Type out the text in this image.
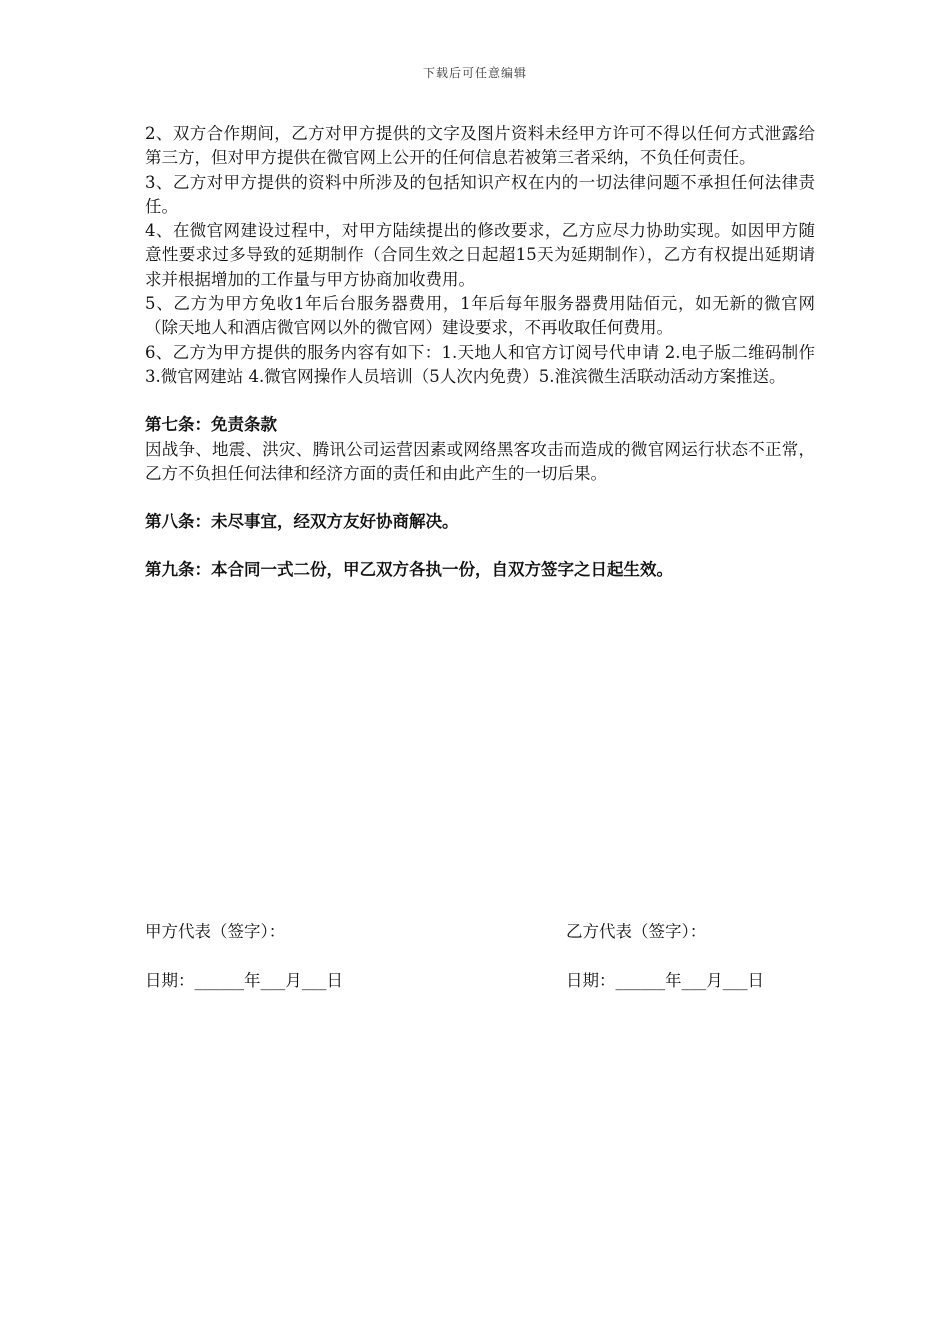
下载后可任意编辑

2、双方合作期间，乙方对甲方提供的文字及图片资料未经甲方许可不得以任何方式泄露给第三方，但对甲方提供在微官网上公开的任何信息若被第三者采纳，不负任何责任。

3、乙方对甲方提供的资料中所涉及的包括知识产权在内的一切法律问题不承担任何法律责任。

4、在微官网建设过程中，对甲方陆续提出的修改要求，乙方应尽力协助实现。如因甲方随意性要求过多导致的延期制作（合同生效之日起超15天为延期制作），乙方有权提出延期请求并根据增加的工作量与甲方协商加收费用。

5、乙方为甲方免收1年后台服务器费用，1年后每年服务器费用陆佰元，如无新的微官网（除天地人和酒店微官网以外的微官网）建设要求，不再收取任何费用。

6、乙方为甲方提供的服务内容有如下：1.天地人和官方订阅号代申请 2.电子版二维码制作 3.微官网建站 4.微官网操作人员培训（5人次内免费）5.淮滨微生活联动活动方案推送。

第七条：免责条款

因战争、地震、洪灾、腾讯公司运营因素或网络黑客攻击而造成的微官网运行状态不正常，乙方不负担任何法律和经济方面的责任和由此产生的一切后果。

第八条：未尽事宜，经双方友好协商解决。

第九条：本合同一式二份，甲乙双方各执一份，自双方签字之日起生效。

甲方代表（签字）：	乙方代表（签字）：
日期：______年___月___日	日期：______年___月___日
